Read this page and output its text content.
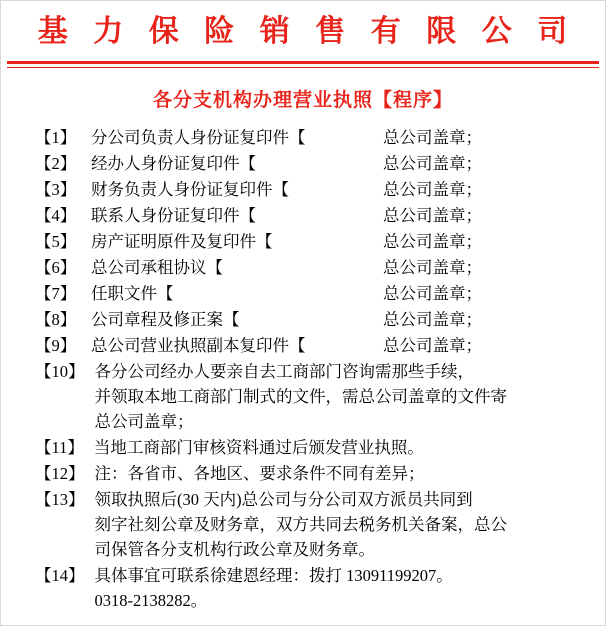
基 力 保 险 销 售 有 限 公 司
各分支机构办理营业执照【程序】
【1】 分公司负责人身份证复印件【	总公司盖章；
【2】 经办人身份证复印件【	总公司盖章；
【3】 财务负责人身份证复印件【	总公司盖章；
【4】 联系人身份证复印件【	总公司盖章；
【5】 房产证明原件及复印件【	总公司盖章；
【6】 总公司承租协议【	总公司盖章；
【7】 任职文件【	总公司盖章；
【8】 公司章程及修正案【	总公司盖章；
【9】 总公司营业执照副本复印件【	总公司盖章；
【10】 各分公司经办人要亲自去工商部门咨询需那些手续，
并领取本地工商部门制式的文件，需总公司盖章的文件寄
总公司盖章；
【11】 当地工商部门审核资料通过后颁发营业执照。
【12】 注：各省市、各地区、要求条件不同有差异；
【13】 领取执照后(30 天内)总公司与分公司双方派员共同到
刻字社刻公章及财务章，双方共同去税务机关备案，总公
司保管各分支机构行政公章及财务章。
【14】 具体事宜可联系徐建恩经理：拨打 13091199207。
0318-2138282。
